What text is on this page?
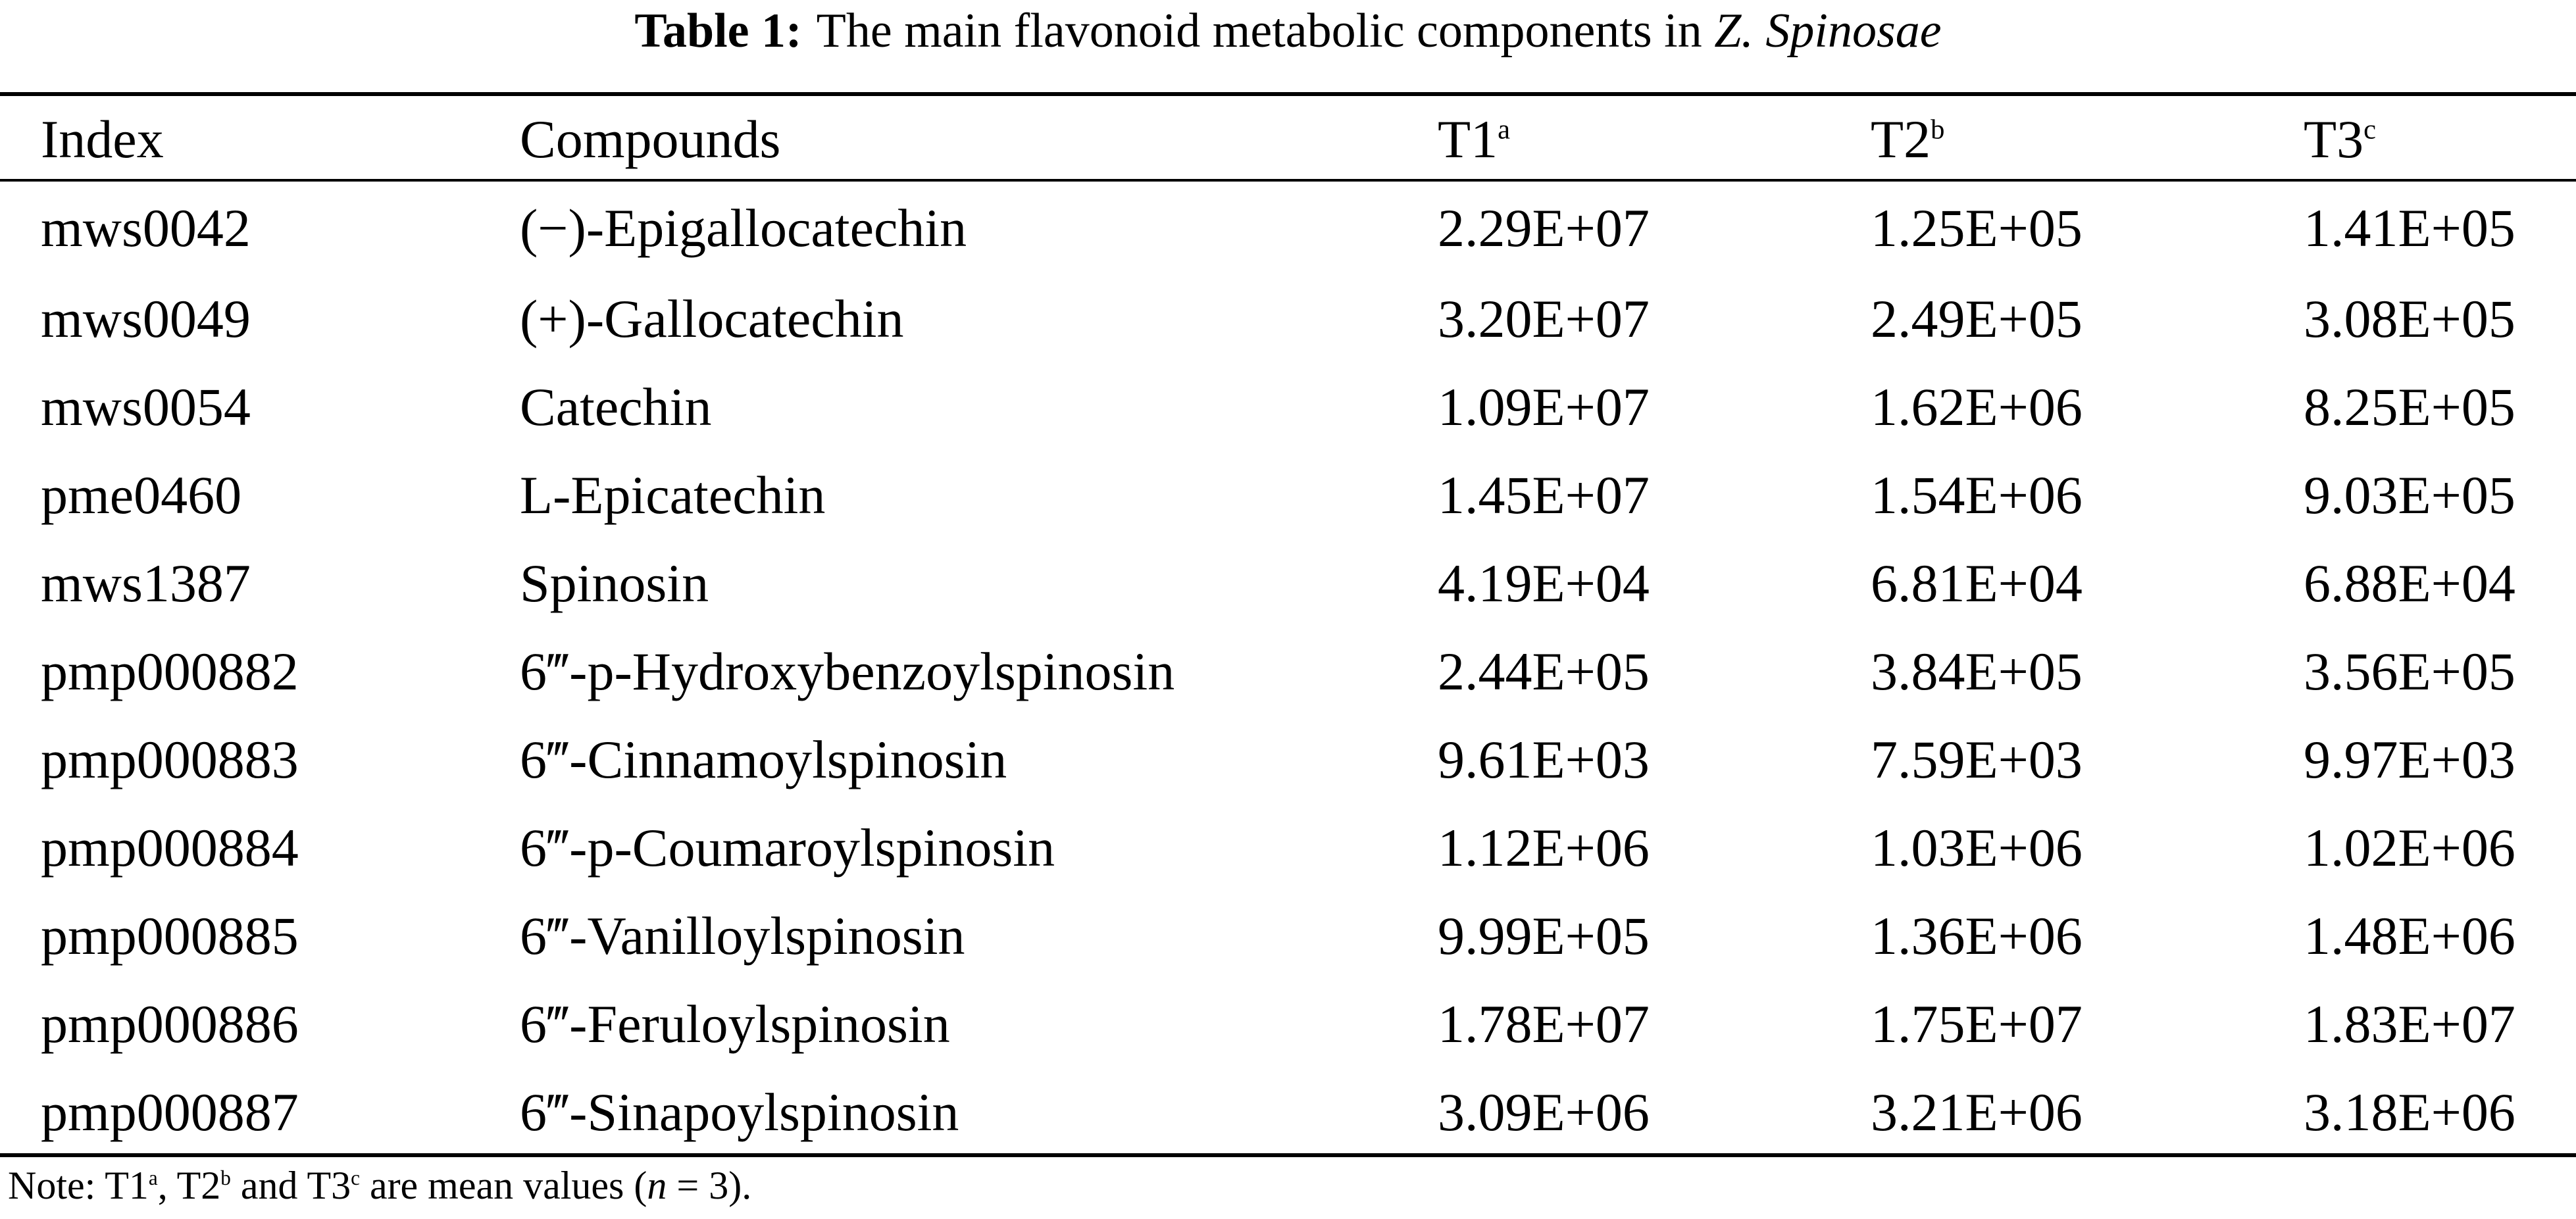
Table 1: The main flavonoid metabolic components in Z. Spinosae
Index	Compounds	T1$^a$	T2$^b$	T3$^c$
mws0042	(−)-Epigallocatechin	2.29E+07	1.25E+05	1.41E+05
mws0049	(+)-Gallocatechin	3.20E+07	2.49E+05	3.08E+05
mws0054	Catechin	1.09E+07	1.62E+06	8.25E+05
pme0460	L-Epicatechin	1.45E+07	1.54E+06	9.03E+05
mws1387	Spinosin	4.19E+04	6.81E+04	6.88E+04
pmp000882	6‴-p-Hydroxybenzoylspinosin	2.44E+05	3.84E+05	3.56E+05
pmp000883	6‴-Cinnamoylspinosin	9.61E+03	7.59E+03	9.97E+03
pmp000884	6‴-p-Coumaroylspinosin	1.12E+06	1.03E+06	1.02E+06
pmp000885	6‴-Vanilloylspinosin	9.99E+05	1.36E+06	1.48E+06
pmp000886	6‴-Feruloylspinosin	1.78E+07	1.75E+07	1.83E+07
pmp000887	6‴-Sinapoylspinosin	3.09E+06	3.21E+06	3.18E+06
Note: T1$^a$, T2$^b$ and T3$^c$ are mean values (n = 3).
